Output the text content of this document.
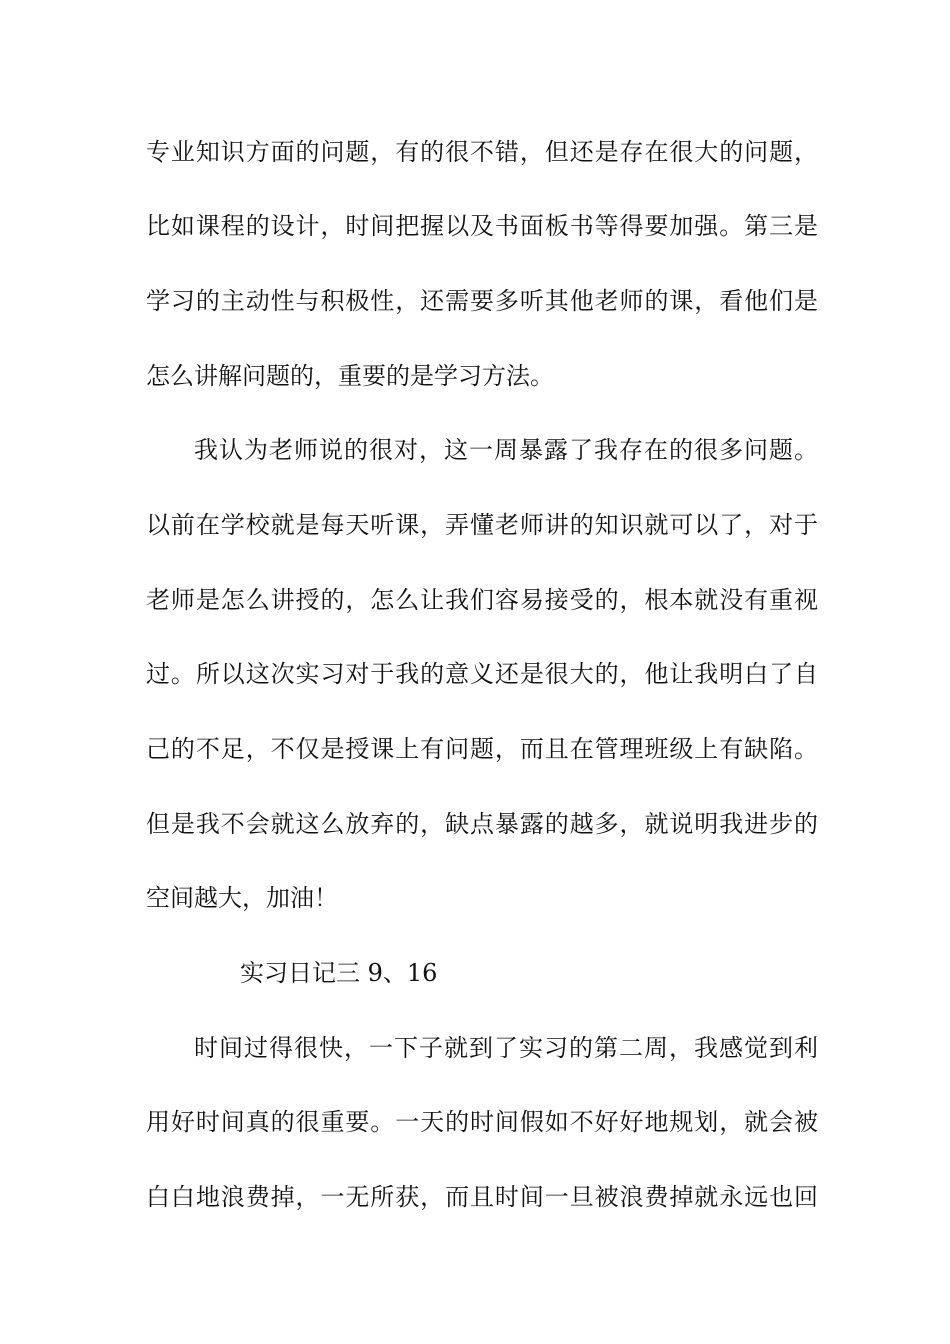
专业知识方面的问题，有的很不错，但还是存在很大的问题，
比如课程的设计，时间把握以及书面板书等得要加强。第三是
学习的主动性与积极性，还需要多听其他老师的课，看他们是
怎么讲解问题的，重要的是学习方法。
我认为老师说的很对，这一周暴露了我存在的很多问题。
以前在学校就是每天听课，弄懂老师讲的知识就可以了，对于
老师是怎么讲授的，怎么让我们容易接受的，根本就没有重视
过。所以这次实习对于我的意义还是很大的，他让我明白了自
己的不足，不仅是授课上有问题，而且在管理班级上有缺陷。
但是我不会就这么放弃的，缺点暴露的越多，就说明我进步的
空间越大，加油！
实习日记三 9、16
时间过得很快，一下子就到了实习的第二周，我感觉到利
用好时间真的很重要。一天的时间假如不好好地规划，就会被
白白地浪费掉，一无所获，而且时间一旦被浪费掉就永远也回
